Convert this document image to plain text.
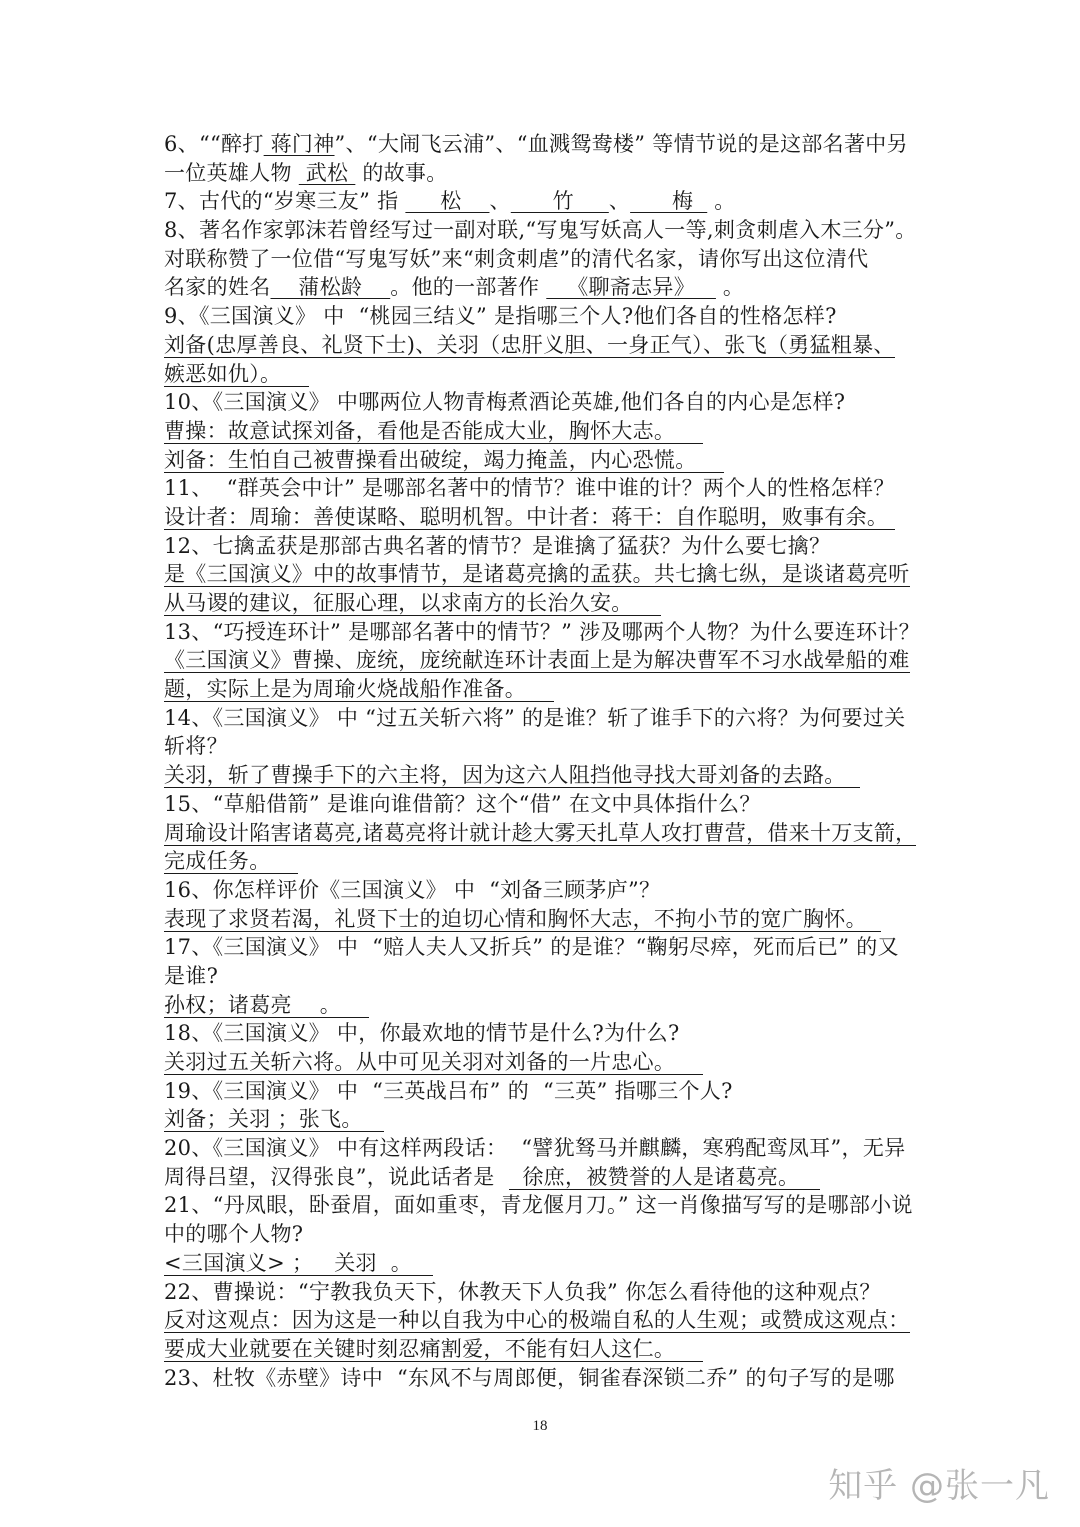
6、““醉打 蒋门神”、“大闹飞云浦”、“血溅鸳鸯楼” 等情节说的是这部名著中另
一位英雄人物  武松  的故事。
7、古代的“岁寒三友” 指      松    、      竹     、      梅   。
8、著名作家郭沫若曾经写过一副对联,“写鬼写妖高人一等,刺贪刺虐入木三分”。
对联称赞了一位借“写鬼写妖”来“刺贪刺虐”的清代名家，请你写出这位清代
名家的姓名    蒲松龄    。他的一部著作    《聊斋志异》    。
9、《三国演义》 中  “桃园三结义” 是指哪三个人?他们各自的性格怎样?
刘备(忠厚善良、礼贤下士)、关羽（忠肝义胆、一身正气）、张飞（勇猛粗暴、
嫉恶如仇）。
10、《三国演义》 中哪两位人物青梅煮酒论英雄,他们各自的内心是怎样?
曹操：故意试探刘备，看他是否能成大业，胸怀大志。
刘备：生怕自己被曹操看出破绽，竭力掩盖，内心恐慌。
11、  “群英会中计” 是哪部名著中的情节？谁中谁的计？两个人的性格怎样？
设计者：周瑜：善使谋略、聪明机智。中计者：蒋干：自作聪明，败事有余。
12、七擒孟获是那部古典名著的情节？是谁擒了猛获？为什么要七擒？
是《三国演义》中的故事情节，是诸葛亮擒的孟获。共七擒七纵，是谈诸葛亮听
从马谡的建议，征服心理，以求南方的长治久安。
13、“巧授连环计” 是哪部名著中的情节？” 涉及哪两个人物？为什么要连环计？
《三国演义》曹操、庞统，庞统献连环计表面上是为解决曹军不习水战晕船的难
题，实际上是为周瑜火烧战船作准备。
14、《三国演义》 中 “过五关斩六将” 的是谁？斩了谁手下的六将？为何要过关
斩将？
关羽，斩了曹操手下的六主将，因为这六人阻挡他寻找大哥刘备的去路。
15、“草船借箭” 是谁向谁借箭？这个“借” 在文中具体指什么？
周瑜设计陷害诸葛亮,诸葛亮将计就计趁大雾天扎草人攻打曹营，借来十万支箭，
完成任务。
16、你怎样评价《三国演义》 中  “刘备三顾茅庐”？
表现了求贤若渴，礼贤下士的迫切心情和胸怀大志，不拘小节的宽广胸怀。
17、《三国演义》 中  “赔人夫人又折兵” 的是谁？“鞠躬尽瘁，死而后已” 的又
是谁?
孙权；诸葛亮    。
18、《三国演义》 中，你最欢地的情节是什么?为什么?
关羽过五关斩六将。从中可见关羽对刘备的一片忠心。
19、《三国演义》 中  “三英战吕布” 的  “三英” 指哪三个人?
刘备；关羽 ；张飞。
20、《三国演义》 中有这样两段话：  “譬犹驽马并麒麟，寒鸦配鸾凤耳”，无异
周得吕望，汉得张良”，说此话者是    徐庶，被赞誉的人是诸葛亮。
21、“丹凤眼，卧蚕眉，面如重枣，青龙偃月刀。” 这一肖像描写写的是哪部小说
中的哪个人物?
<三国演义> ；   关羽  。
22、曹操说：“宁教我负天下，休教天下人负我” 你怎么看待他的这种观点？
反对这观点：因为这是一种以自我为中心的极端自私的人生观；或赞成这观点：
要成大业就要在关键时刻忍痛割爱，不能有妇人这仁。
23、杜牧《赤壁》诗中  “东风不与周郎便，铜雀春深锁二乔” 的句子写的是哪
18
知乎 @张一凡
